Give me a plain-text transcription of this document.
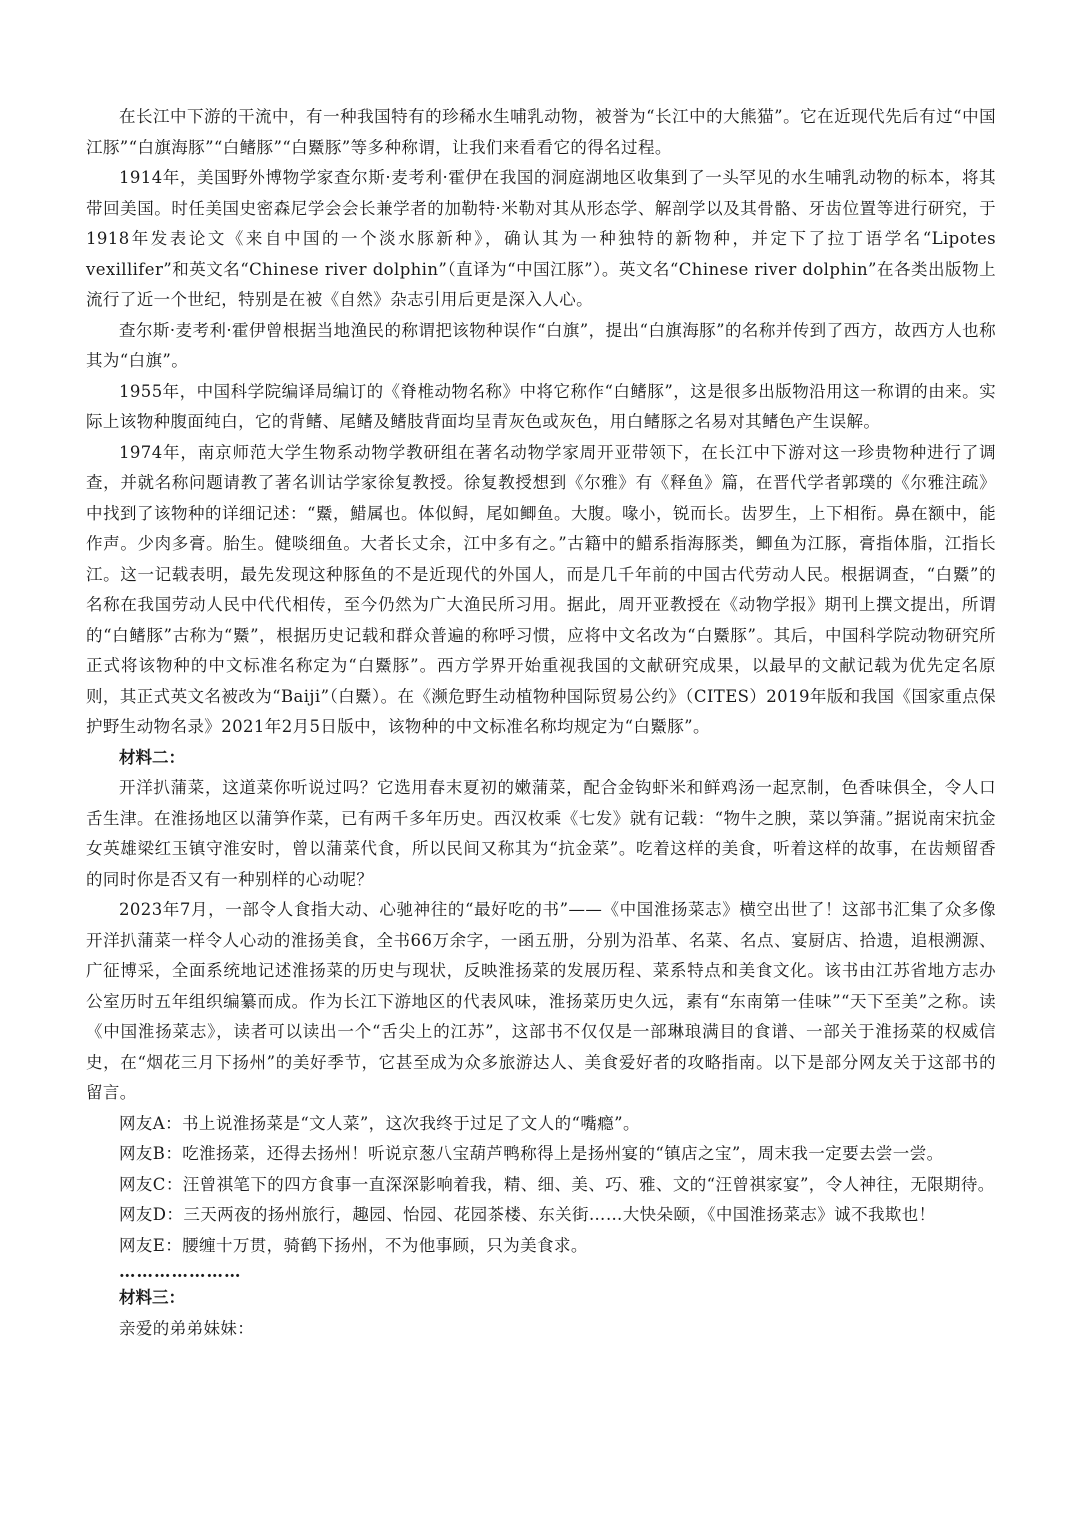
在长江中下游的干流中，有一种我国特有的珍稀水生哺乳动物，被誉为“长江中的大熊猫”。它在近现代先后有过“中国江豚”“白旗海豚”“白鳍豚”“白鱀豚”等多种称谓，让我们来看看它的得名过程。

1914年，美国野外博物学家查尔斯·麦考利·霍伊在我国的洞庭湖地区收集到了一头罕见的水生哺乳动物的标本，将其带回美国。时任美国史密森尼学会会长兼学者的加勒特·米勒对其从形态学、解剖学以及其骨骼、牙齿位置等进行研究，于1918年发表论文《来自中国的一个淡水豚新种》，确认其为一种独特的新物种，并定下了拉丁语学名“Lipotes vexillifer”和英文名“Chinese river dolphin”（直译为“中国江豚”）。英文名“Chinese river dolphin”在各类出版物上流行了近一个世纪，特别是在被《自然》杂志引用后更是深入人心。

查尔斯·麦考利·霍伊曾根据当地渔民的称谓把该物种误作“白旗”，提出“白旗海豚”的名称并传到了西方，故西方人也称其为“白旗”。

1955年，中国科学院编译局编订的《脊椎动物名称》中将它称作“白鳍豚”，这是很多出版物沿用这一称谓的由来。实际上该物种腹面纯白，它的背鳍、尾鳍及鳍肢背面均呈青灰色或灰色，用白鳍豚之名易对其鳍色产生误解。

1974年，南京师范大学生物系动物学教研组在著名动物学家周开亚带领下，在长江中下游对这一珍贵物种进行了调查，并就名称问题请教了著名训诂学家徐复教授。徐复教授想到《尔雅》有《释鱼》篇，在晋代学者郭璞的《尔雅注疏》中找到了该物种的详细记述：“鱀，䱜属也。体似鲟，尾如鲫鱼。大腹。喙小，锐而长。齿罗生，上下相衔。鼻在额中，能作声。少肉多膏。胎生。健啖细鱼。大者长丈余，江中多有之。”古籍中的䱜系指海豚类，鲫鱼为江豚，膏指体脂，江指长江。这一记载表明，最先发现这种豚鱼的不是近现代的外国人，而是几千年前的中国古代劳动人民。根据调查，“白鱀”的名称在我国劳动人民中代代相传，至今仍然为广大渔民所习用。据此，周开亚教授在《动物学报》期刊上撰文提出，所谓的“白鳍豚”古称为“鱀”，根据历史记载和群众普遍的称呼习惯，应将中文名改为“白鱀豚”。其后，中国科学院动物研究所正式将该物种的中文标准名称定为“白鱀豚”。西方学界开始重视我国的文献研究成果，以最早的文献记载为优先定名原则，其正式英文名被改为“Baiji”（白鱀）。在《濒危野生动植物种国际贸易公约》（CITES）2019年版和我国《国家重点保护野生动物名录》2021年2月5日版中，该物种的中文标准名称均规定为“白鱀豚”。

材料二：

开洋扒蒲菜，这道菜你听说过吗？它选用春末夏初的嫩蒲菜，配合金钩虾米和鲜鸡汤一起烹制，色香味俱全，令人口舌生津。在淮扬地区以蒲笋作菜，已有两千多年历史。西汉枚乘《七发》就有记载：“物牛之腴，菜以笋蒲。”据说南宋抗金女英雄梁红玉镇守淮安时，曾以蒲菜代食，所以民间又称其为“抗金菜”。吃着这样的美食，听着这样的故事，在齿颊留香的同时你是否又有一种别样的心动呢？

2023年7月，一部令人食指大动、心驰神往的“最好吃的书”——《中国淮扬菜志》横空出世了！这部书汇集了众多像开洋扒蒲菜一样令人心动的淮扬美食，全书66万余字，一函五册，分别为沿革、名菜、名点、宴厨店、拾遗，追根溯源、广征博采，全面系统地记述淮扬菜的历史与现状，反映淮扬菜的发展历程、菜系特点和美食文化。该书由江苏省地方志办公室历时五年组织编纂而成。作为长江下游地区的代表风味，淮扬菜历史久远，素有“东南第一佳味”“天下至美”之称。读《中国淮扬菜志》，读者可以读出一个“舌尖上的江苏”，这部书不仅仅是一部琳琅满目的食谱、一部关于淮扬菜的权威信史，在“烟花三月下扬州”的美好季节，它甚至成为众多旅游达人、美食爱好者的攻略指南。以下是部分网友关于这部书的留言。

网友A：书上说淮扬菜是“文人菜”，这次我终于过足了文人的“嘴瘾”。

网友B：吃淮扬菜，还得去扬州！听说京葱八宝葫芦鸭称得上是扬州宴的“镇店之宝”，周末我一定要去尝一尝。

网友C：汪曾祺笔下的四方食事一直深深影响着我，精、细、美、巧、雅、文的“汪曾祺家宴”，令人神往，无限期待。

网友D：三天两夜的扬州旅行，趣园、怡园、花园茶楼、东关街……大快朵颐，《中国淮扬菜志》诚不我欺也！

网友E：腰缠十万贯，骑鹤下扬州，不为他事顾，只为美食求。

…………………

材料三：

亲爱的弟弟妹妹：
